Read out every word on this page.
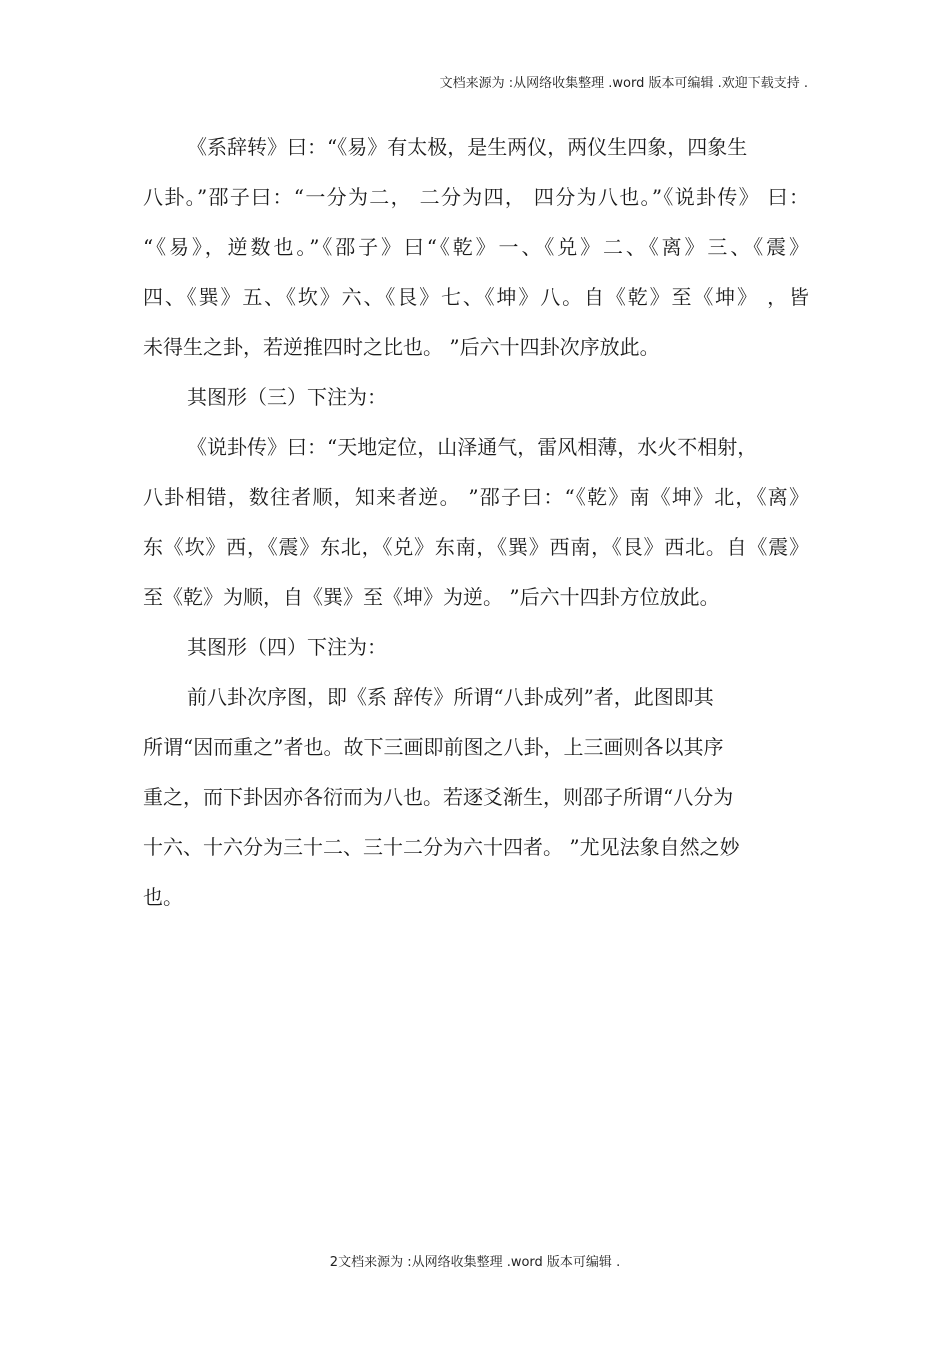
文档来源为 :从网络收集整理 .word 版本可编辑 .欢迎下载支持 .
《系辞转》曰：“《易》有太极，是生两仪，两仪生四象，四象生
八卦。”邵子曰：“一分为二， 二分为四， 四分为八也。”《说卦传》 曰：
“《易》，逆数也。”《邵子》曰“《乾》一、《兑》二、《离》三、《震》
四、《巽》五、《坎》六、《艮》七、《坤》八。自《乾》至《坤》 ，皆
未得生之卦，若逆推四时之比也。 ”后六十四卦次序放此。
其图形（三）下注为：
《说卦传》曰：“天地定位，山泽通气，雷风相薄，水火不相射，
八卦相错，数往者顺，知来者逆。 ”邵子曰：“《乾》南《坤》北，《离》
东《坎》西，《震》东北，《兑》东南，《巽》西南，《艮》西北。自《震》
至《乾》为顺，自《巽》至《坤》为逆。 ”后六十四卦方位放此。
其图形（四）下注为：
前八卦次序图，即《系 辞传》所谓“八卦成列”者，此图即其
所谓“因而重之”者也。故下三画即前图之八卦，上三画则各以其序
重之，而下卦因亦各衍而为八也。若逐爻渐生，则邵子所谓“八分为
十六、十六分为三十二、三十二分为六十四者。 ”尤见法象自然之妙
也。
2文档来源为 :从网络收集整理 .word 版本可编辑 .
